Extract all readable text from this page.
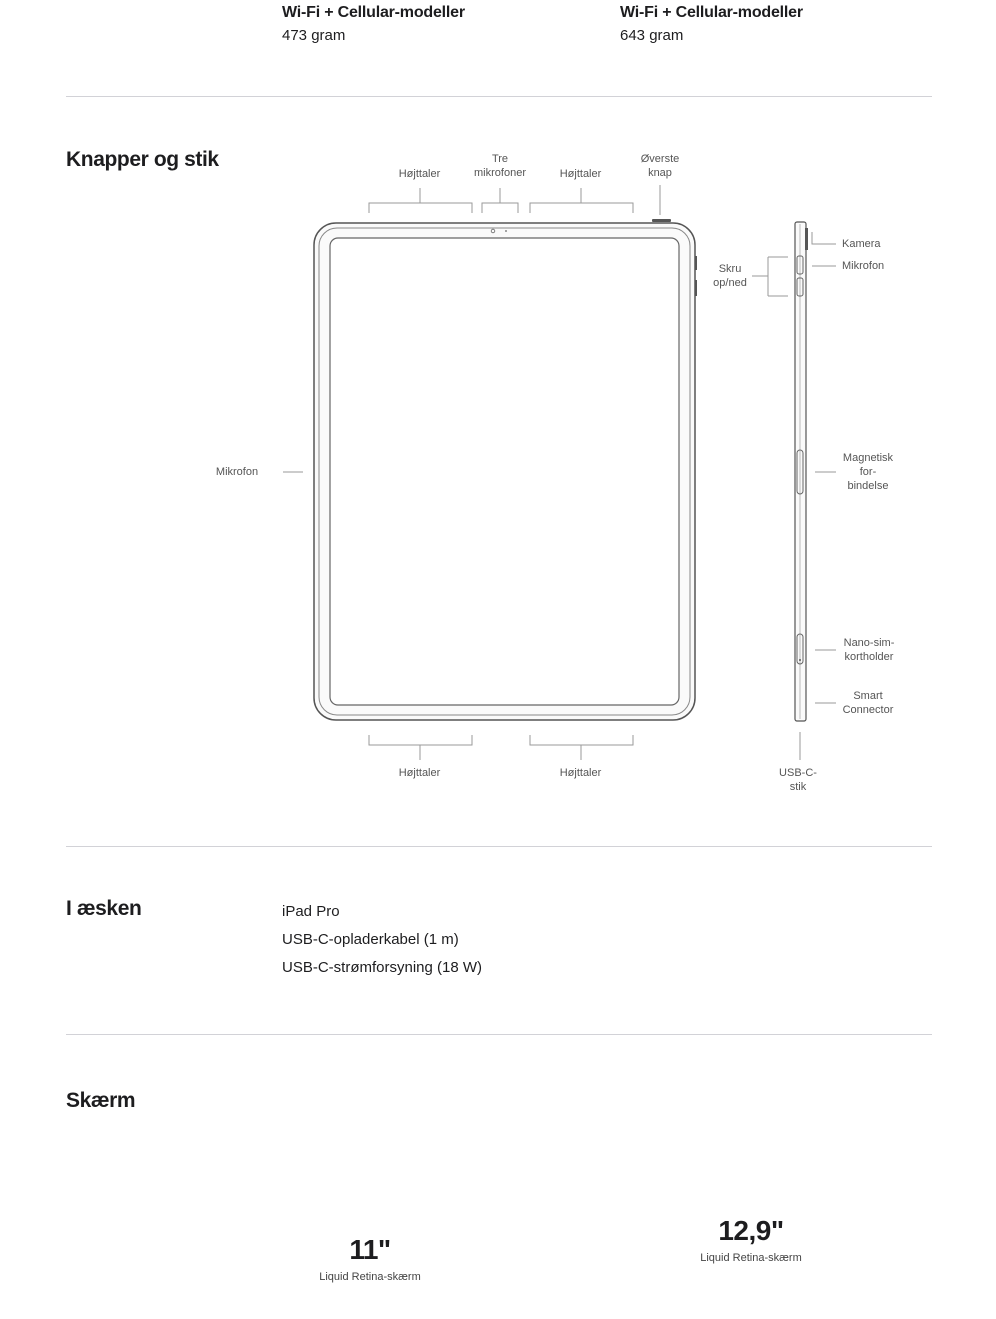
Wi-Fi + Cellular-modeller
473 gram
Wi-Fi + Cellular-modeller
643 gram
Knapper og stik
Højttaler
Tre
mikrofoner	Højttaler
Øverste
knap
Mikrofon
Skru
op/ned
Kamera
Mikrofon
Magnetisk
for-
bindelse
Nano-sim-
kortholder
Smart
Connector
Højttaler	Højttaler	USB-C-
stik
I æsken	iPad Pro
USB-C-opladerkabel (1 m)
USB-C-strømforsyning (18 W)
Skærm
11"
Liquid Retina-skærm
12,9"
Liquid Retina-skærm
